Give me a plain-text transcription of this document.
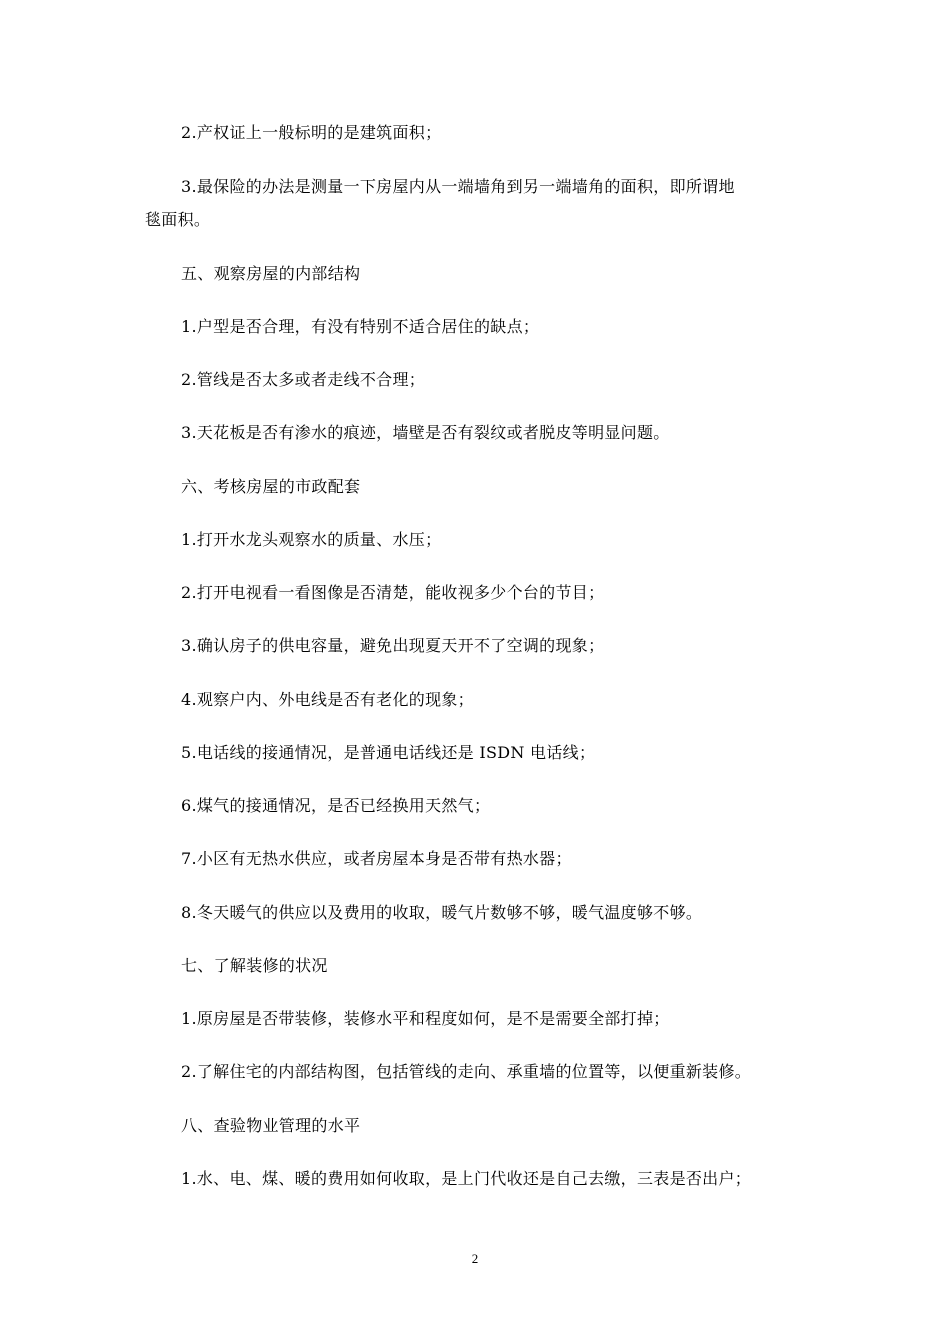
2.产权证上一般标明的是建筑面积；
3.最保险的办法是测量一下房屋内从一端墙角到另一端墙角的面积，即所谓地
毯面积。
五、观察房屋的内部结构
1.户型是否合理，有没有特别不适合居住的缺点；
2.管线是否太多或者走线不合理；
3.天花板是否有渗水的痕迹，墙壁是否有裂纹或者脱皮等明显问题。
六、考核房屋的市政配套
1.打开水龙头观察水的质量、水压；
2.打开电视看一看图像是否清楚，能收视多少个台的节目；
3.确认房子的供电容量，避免出现夏天开不了空调的现象；
4.观察户内、外电线是否有老化的现象；
5.电话线的接通情况，是普通电话线还是 ISDN 电话线；
6.煤气的接通情况，是否已经换用天然气；
7.小区有无热水供应，或者房屋本身是否带有热水器；
8.冬天暖气的供应以及费用的收取，暖气片数够不够，暖气温度够不够。
七、了解装修的状况
1.原房屋是否带装修，装修水平和程度如何，是不是需要全部打掉；
2.了解住宅的内部结构图，包括管线的走向、承重墙的位置等，以便重新装修。
八、查验物业管理的水平
1.水、电、煤、暖的费用如何收取，是上门代收还是自己去缴，三表是否出户；
2
